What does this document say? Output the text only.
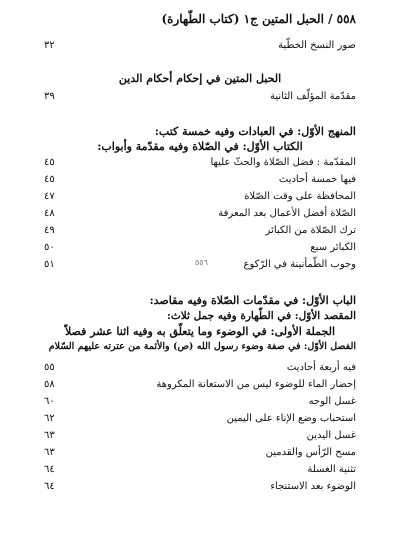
٥٥٨ / الحبل المتين ج١ (كتاب الطّهارة)
صور النسخ الخطّية
٣٢
الحبل المتين في إحكام أحكام الدين
مقدّمة المؤلّف الثانية
٣٩
المنهج الأوّل: في العبادات وفيه خمسة كتب:
الكتاب الأوّل: في الصّلاة وفيه مقدّمة وأبواب:
المقدّمة : فضل الصّلاة والحثّ عليها
٤٥
فيها خمسة أحاديث
٤٥
المحافظة على وقت الصّلاة
٤٧
الصّلاة أفضل الأعمال بعد المعرفة
٤٨
ترك الصّلاة من الكبائر
٤٩
الكبائر سبع
٥٠
وجوب الطّمأنينة في الرّكوع
٥١
الباب الأوّل: في مقدّمات الصّلاة وفيه مقاصد:
المقصد الأوّل: في الطّهارة وفيه جمل ثلاث:
الجملة الأولى: في الوضوء وما يتعلّق به وفيه اثنا عشر فصلاً
الفصل الأوّل: في صفة وضوء رسول الله (ص) والأئمة من عترته عليهم السّلام
فيه أربعة أحاديث
٥٥
إحضار الماء للوضوء ليس من الاستعانة المكروهة
٥٨
غسل الوجه
٦٠
استحباب وضع الإناء على اليمين
٦٢
غسل اليدين
٦٣
مسح الرّأس والقدمين
٦٣
تثنية الغسلة
٦٤
الوضوء بعد الاستنجاء
٦٤
٥٥٦
